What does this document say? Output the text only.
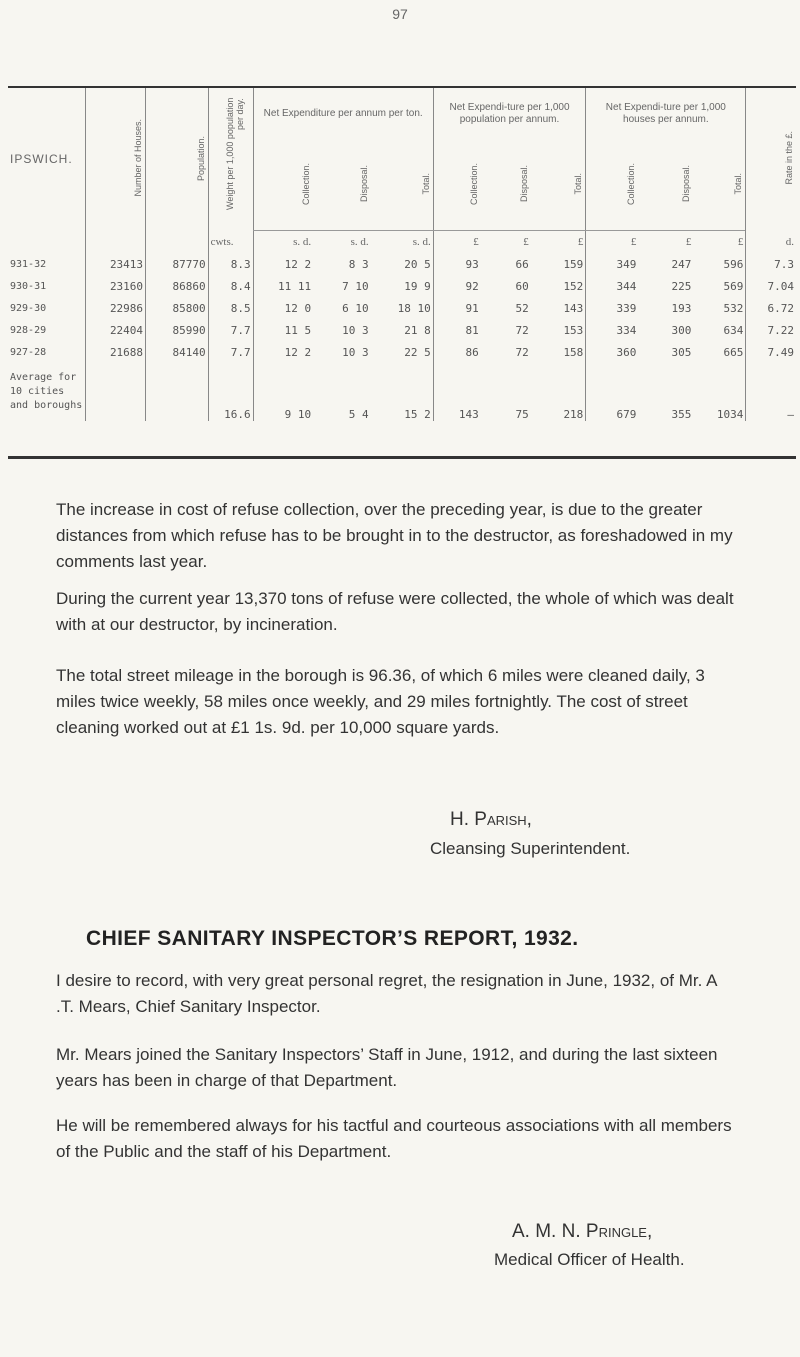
97
IPSWICH.	Number of Houses.	Population.	Weight per 1,000 population per day.	Net Expenditure per annum per ton.			Net Expendi-ture per 1,000 population per annum.			Net Expendi-ture per 1,000 houses per annum.			Rate in the £.
				Collection.	Disposal.	Total.	Collection.	Disposal.	Total.	Collection.	Disposal.	Total.	
			cwts.	s. d.	s. d.	s. d.	£	£	£	£	£	£	d.
931-32	23413	87770	8.3	12 2	8 3	20 5	93	66	159	349	247	596	7.3
930-31	23160	86860	8.4	11 11	7 10	19 9	92	60	152	344	225	569	7.04
929-30	22986	85800	8.5	12 0	6 10	18 10	91	52	143	339	193	532	6.72
928-29	22404	85990	7.7	11 5	10 3	21 8	81	72	153	334	300	634	7.22
927-28	21688	84140	7.7	12 2	10 3	22 5	86	72	158	360	305	665	7.49
Average for 10 cities and boroughs			16.6	9 10	5 4	15 2	143	75	218	679	355	1034	—
The increase in cost of refuse collection, over the preceding year, is due to the greater distances from which refuse has to be brought in to the destructor, as foreshadowed in my comments last year.
During the current year 13,370 tons of refuse were collected, the whole of which was dealt with at our destructor, by incineration.
The total street mileage in the borough is 96.36, of which 6 miles were cleaned daily, 3 miles twice weekly, 58 miles once weekly, and 29 miles fortnightly. The cost of street cleaning worked out at £1 1s. 9d. per 10,000 square yards.
H. Parish,
Cleansing Superintendent.
CHIEF SANITARY INSPECTOR’S REPORT, 1932.
I desire to record, with very great personal regret, the resignation in June, 1932, of Mr. A .T. Mears, Chief Sanitary Inspector.
Mr. Mears joined the Sanitary Inspectors’ Staff in June, 1912, and during the last sixteen years has been in charge of that Department.
He will be remembered always for his tactful and courteous associations with all members of the Public and the staff of his Department.
A. M. N. Pringle,
Medical Officer of Health.
